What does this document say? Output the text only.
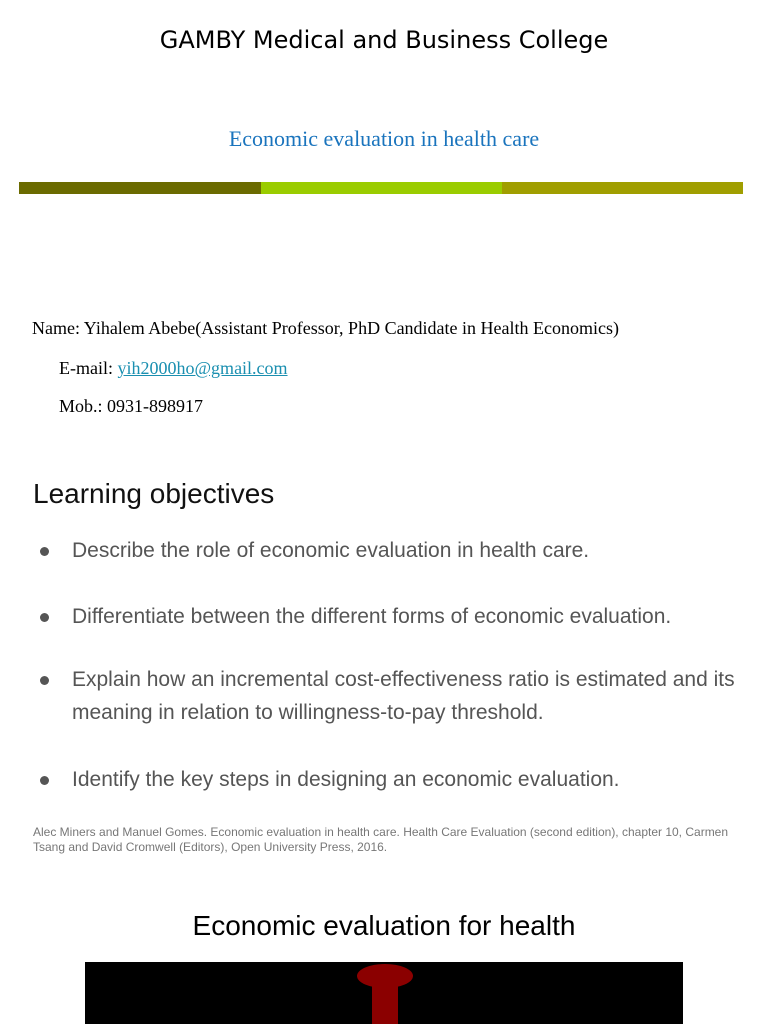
GAMBY Medical and Business College
Economic evaluation in health care
Name: Yihalem Abebe(Assistant Professor, PhD Candidate in Health Economics)
E-mail: yih2000ho@gmail.com
Mob.: 0931-898917
Learning objectives
Describe the role of economic evaluation in health care.
Differentiate between the different forms of economic evaluation.
Explain how an incremental cost-effectiveness ratio is estimated and its meaning in relation to willingness-to-pay threshold.
Identify the key steps in designing an economic evaluation.
Alec Miners and Manuel Gomes. Economic evaluation in health care. Health Care Evaluation (second edition), chapter 10, Carmen Tsang and David Cromwell (Editors), Open University Press, 2016.
Economic evaluation for health
